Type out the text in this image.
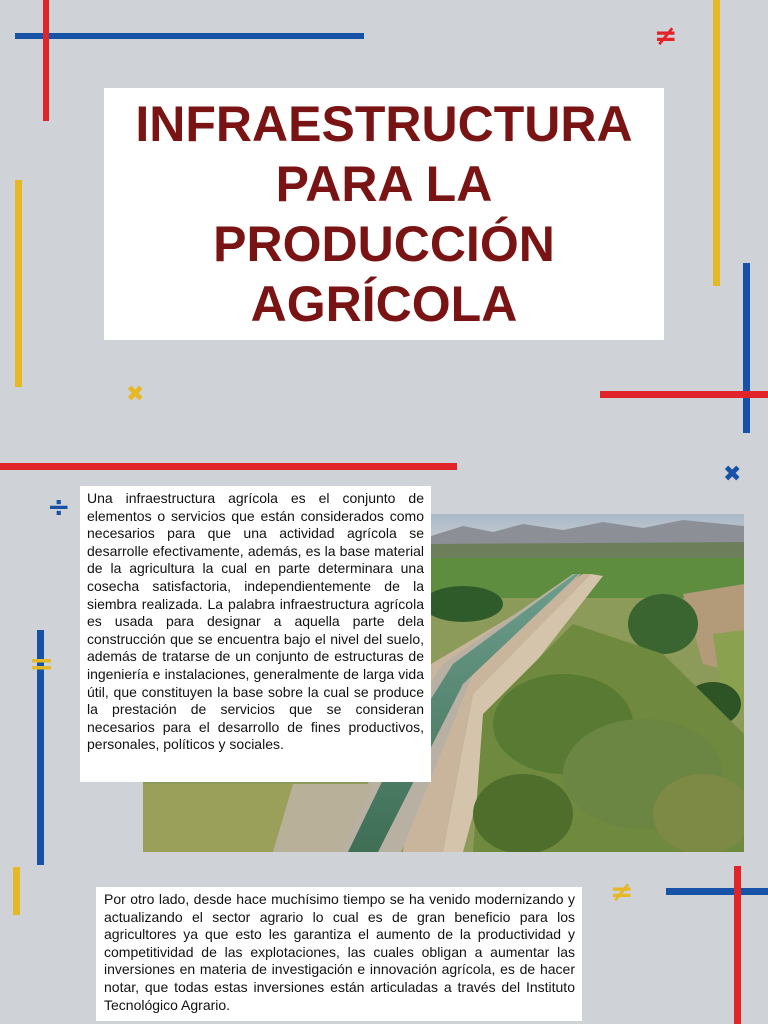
≠
✖
✖
÷
=
≠
INFRAESTRUCTURA
PARA LA
PRODUCCIÓN
AGRÍCOLA
Una infraestructura agrícola es el conjunto de elementos o servicios que están considerados como necesarios para que una actividad agrícola se desarrolle efectivamente, además, es la base material de la agricultura la cual en parte determinara una cosecha satisfactoria, independientemente de la siembra realizada. La palabra infraestructura agrícola es usada para designar a aquella parte dela construcción que se encuentra bajo el nivel del suelo, además de tratarse de un conjunto de estructuras de ingeniería e instalaciones, generalmente de larga vida útil, que constituyen la base sobre la cual se produce la prestación de servicios que se consideran necesarios para el desarrollo de fines productivos, personales, políticos y sociales.
Por otro lado, desde hace muchísimo tiempo se ha venido modernizando y actualizando el sector agrario lo cual es de gran beneficio para los agricultores ya que esto les garantiza el aumento de la productividad y competitividad de las explotaciones, las cuales obligan a aumentar las inversiones en materia de investigación e innovación agrícola, es de hacer notar, que todas estas inversiones están articuladas a través del Instituto Tecnológico Agrario.
